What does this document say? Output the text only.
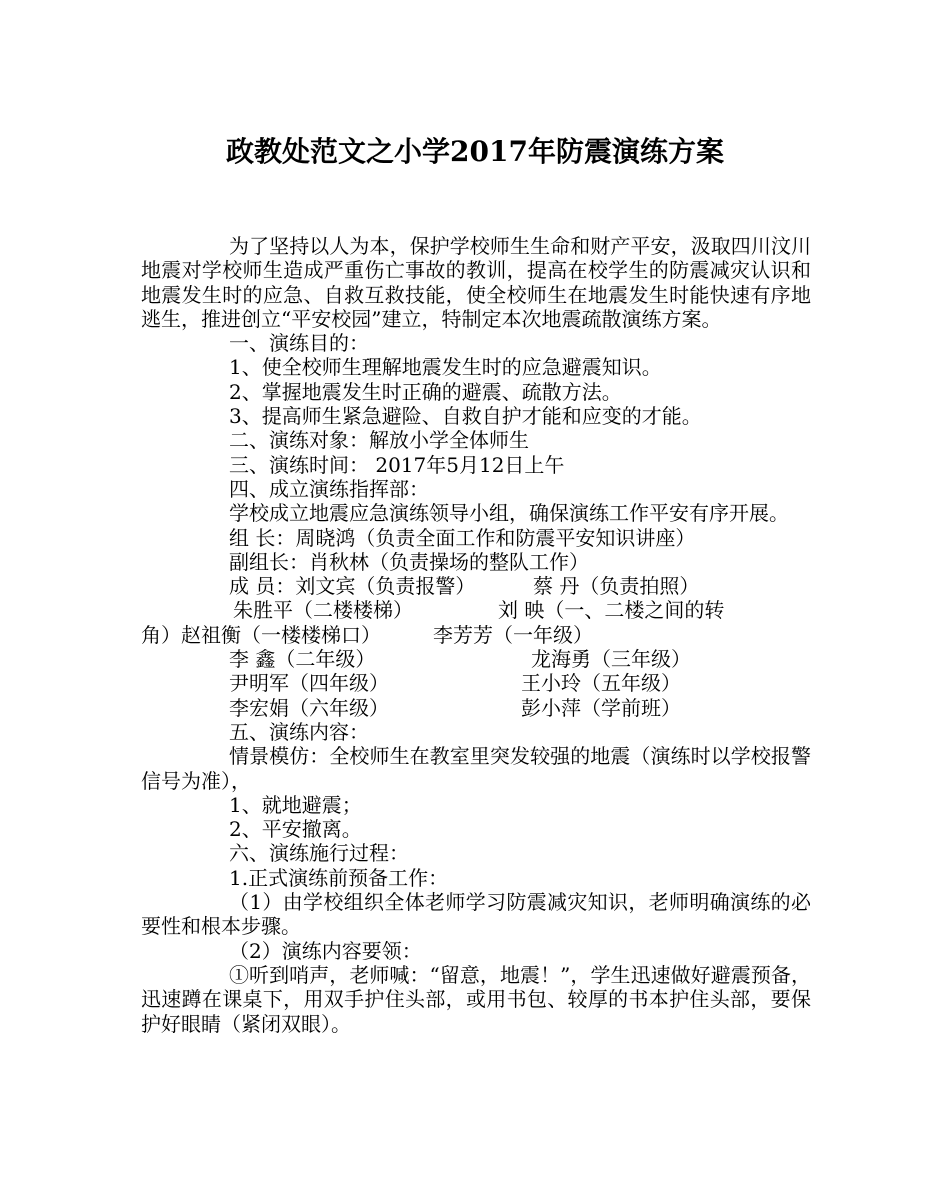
政教处范文之小学2017年防震演练方案

为了坚持以人为本，保护学校师生生命和财产平安，汲取四川汶川地震对学校师生造成严重伤亡事故的教训，提高在校学生的防震减灾认识和地震发生时的应急、自救互救技能，使全校师生在地震发生时能快速有序地逃生，推进创立“平安校园”建立，特制定本次地震疏散演练方案。

一、演练目的：

1、使全校师生理解地震发生时的应急避震知识。

2、掌握地震发生时正确的避震、疏散方法。

3、提高师生紧急避险、自救自护才能和应变的才能。

二、演练对象：解放小学全体师生

三、演练时间： 2017年5月12日上午

四、成立演练指挥部：

学校成立地震应急演练领导小组，确保演练工作平安有序开展。

组 长：周晓鸿（负责全面工作和防震平安知识讲座）

副组长：肖秋林（负责操场的整队工作）

成 员：刘文宾（负责报警）	蔡 丹（负责拍照）
朱胜平（二楼楼梯）	刘 映（一、二楼之间的转
角）赵祖衡（一楼楼梯口）	李芳芳（一年级）
李 鑫（二年级）	龙海勇（三年级）
尹明军（四年级）	王小玲（五年级）
李宏娟（六年级）	彭小萍（学前班）

五、演练内容：

情景模仿：全校师生在教室里突发较强的地震（演练时以学校报警信号为准），

1、就地避震；

2、平安撤离。

六、演练施行过程：

1.正式演练前预备工作：

（1）由学校组织全体老师学习防震减灾知识，老师明确演练的必要性和根本步骤。

（2）演练内容要领：

①听到哨声，老师喊：“留意，地震！”，学生迅速做好避震预备，迅速蹲在课桌下，用双手护住头部，或用书包、较厚的书本护住头部，要保护好眼睛（紧闭双眼）。
